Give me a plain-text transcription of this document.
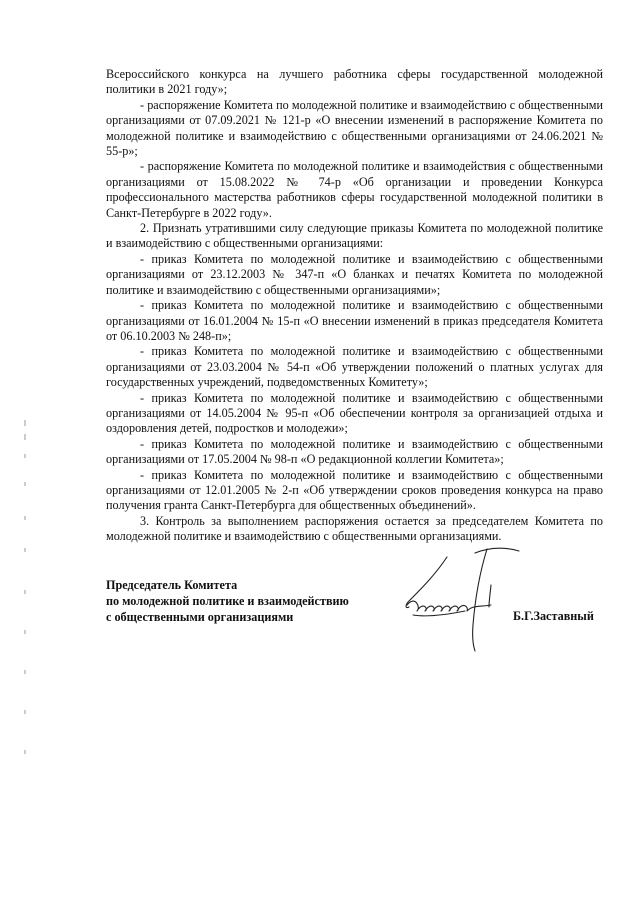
Всероссийского конкурса на лучшего работника сферы государственной молодежной политики в 2021 году»;

- распоряжение Комитета по молодежной политике и взаимодействию с общественными организациями от 07.09.2021 № 121-р «О внесении изменений в распоряжение Комитета по молодежной политике и взаимодействию с общественными организациями от 24.06.2021 № 55-р»;

- распоряжение Комитета по молодежной политике и взаимодействия с общественными организациями от 15.08.2022 № 74-р «Об организации и проведении Конкурса профессионального мастерства работников сферы государственной молодежной политики в Санкт-Петербурге в 2022 году».

2. Признать утратившими силу следующие приказы Комитета по молодежной политике и взаимодействию с общественными организациями:

- приказ Комитета по молодежной политике и взаимодействию с общественными организациями от 23.12.2003 № 347-п «О бланках и печатях Комитета по молодежной политике и взаимодействию с общественными организациями»;

- приказ Комитета по молодежной политике и взаимодействию с общественными организациями от 16.01.2004 № 15-п «О внесении изменений в приказ председателя Комитета от 06.10.2003 № 248-п»;

- приказ Комитета по молодежной политике и взаимодействию с общественными организациями от 23.03.2004 № 54-п «Об утверждении положений о платных услугах для государственных учреждений, подведомственных Комитету»;

- приказ Комитета по молодежной политике и взаимодействию с общественными организациями от 14.05.2004 № 95-п «Об обеспечении контроля за организацией отдыха и оздоровления детей, подростков и молодежи»;

- приказ Комитета по молодежной политике и взаимодействию с общественными организациями от 17.05.2004 № 98-п «О редакционной коллегии Комитета»;

- приказ Комитета по молодежной политике и взаимодействию с общественными организациями от 12.01.2005 № 2-п «Об утверждении сроков проведения конкурса на право получения гранта Санкт-Петербурга для общественных объединений».

3. Контроль за выполнением распоряжения остается за председателем Комитета по молодежной политике и взаимодействию с общественными организациями.

Председатель Комитета
по молодежной политике и взаимодействию
с общественными организациями	Б.Г.Заставный
